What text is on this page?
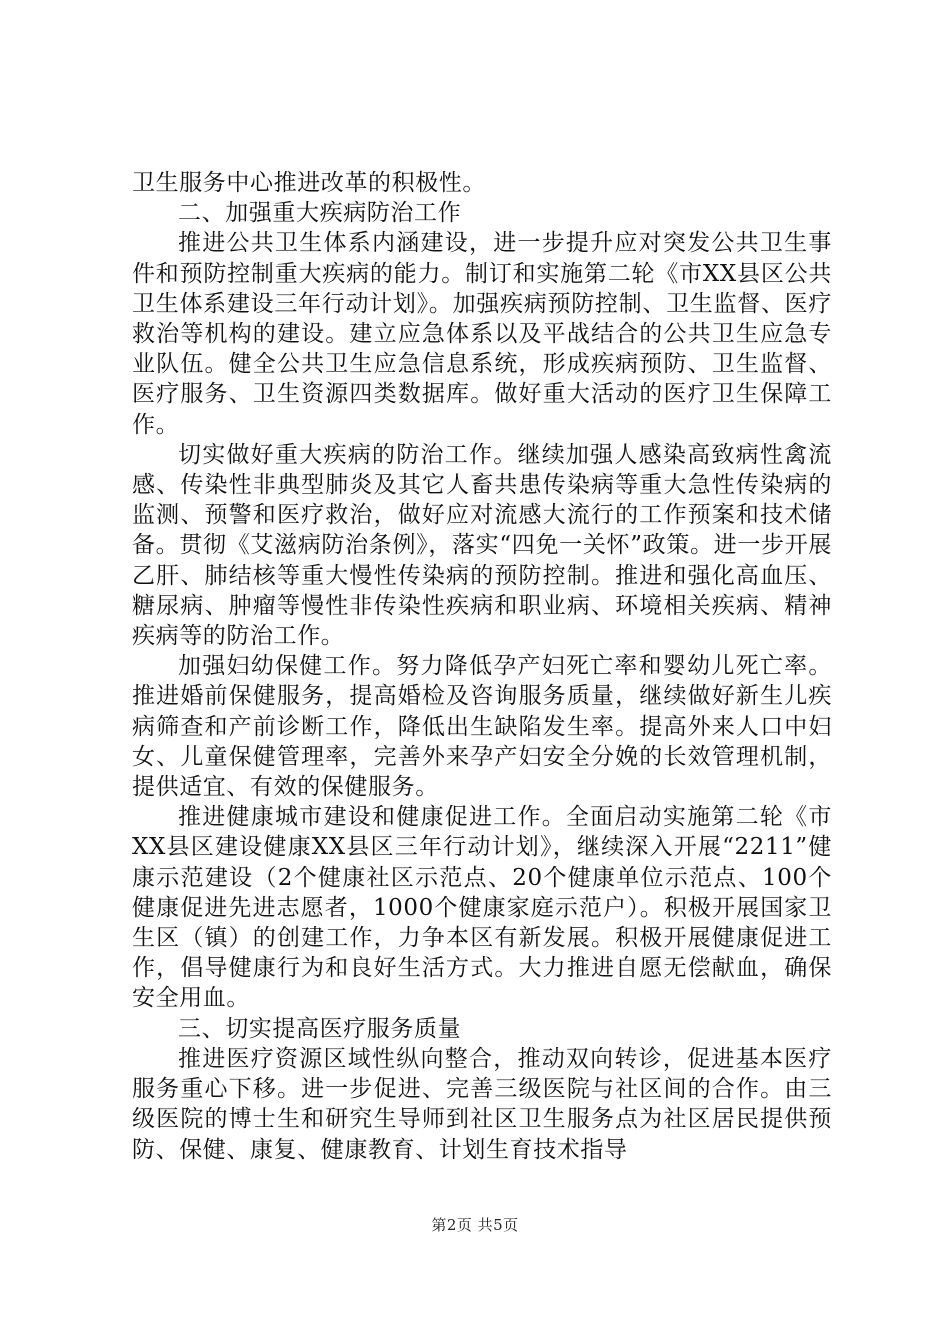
卫生服务中心推进改革的积极性。

二、加强重大疾病防治工作

推进公共卫生体系内涵建设，进一步提升应对突发公共卫生事件和预防控制重大疾病的能力。制订和实施第二轮《市XX县区公共卫生体系建设三年行动计划》。加强疾病预防控制、卫生监督、医疗救治等机构的建设。建立应急体系以及平战结合的公共卫生应急专业队伍。健全公共卫生应急信息系统，形成疾病预防、卫生监督、医疗服务、卫生资源四类数据库。做好重大活动的医疗卫生保障工作。

切实做好重大疾病的防治工作。继续加强人感染高致病性禽流感、传染性非典型肺炎及其它人畜共患传染病等重大急性传染病的监测、预警和医疗救治，做好应对流感大流行的工作预案和技术储备。贯彻《艾滋病防治条例》，落实“四免一关怀”政策。进一步开展乙肝、肺结核等重大慢性传染病的预防控制。推进和强化高血压、糖尿病、肿瘤等慢性非传染性疾病和职业病、环境相关疾病、精神疾病等的防治工作。

加强妇幼保健工作。努力降低孕产妇死亡率和婴幼儿死亡率。推进婚前保健服务，提高婚检及咨询服务质量，继续做好新生儿疾病筛查和产前诊断工作，降低出生缺陷发生率。提高外来人口中妇女、儿童保健管理率，完善外来孕产妇安全分娩的长效管理机制，提供适宜、有效的保健服务。

推进健康城市建设和健康促进工作。全面启动实施第二轮《市XX县区建设健康XX县区三年行动计划》，继续深入开展“2211”健康示范建设（2个健康社区示范点、20个健康单位示范点、100个健康促进先进志愿者，1000个健康家庭示范户）。积极开展国家卫生区（镇）的创建工作，力争本区有新发展。积极开展健康促进工作，倡导健康行为和良好生活方式。大力推进自愿无偿献血，确保安全用血。

三、切实提高医疗服务质量

推进医疗资源区域性纵向整合，推动双向转诊，促进基本医疗服务重心下移。进一步促进、完善三级医院与社区间的合作。由三级医院的博士生和研究生导师到社区卫生服务点为社区居民提供预防、保健、康复、健康教育、计划生育技术指导

第2页 共5页
